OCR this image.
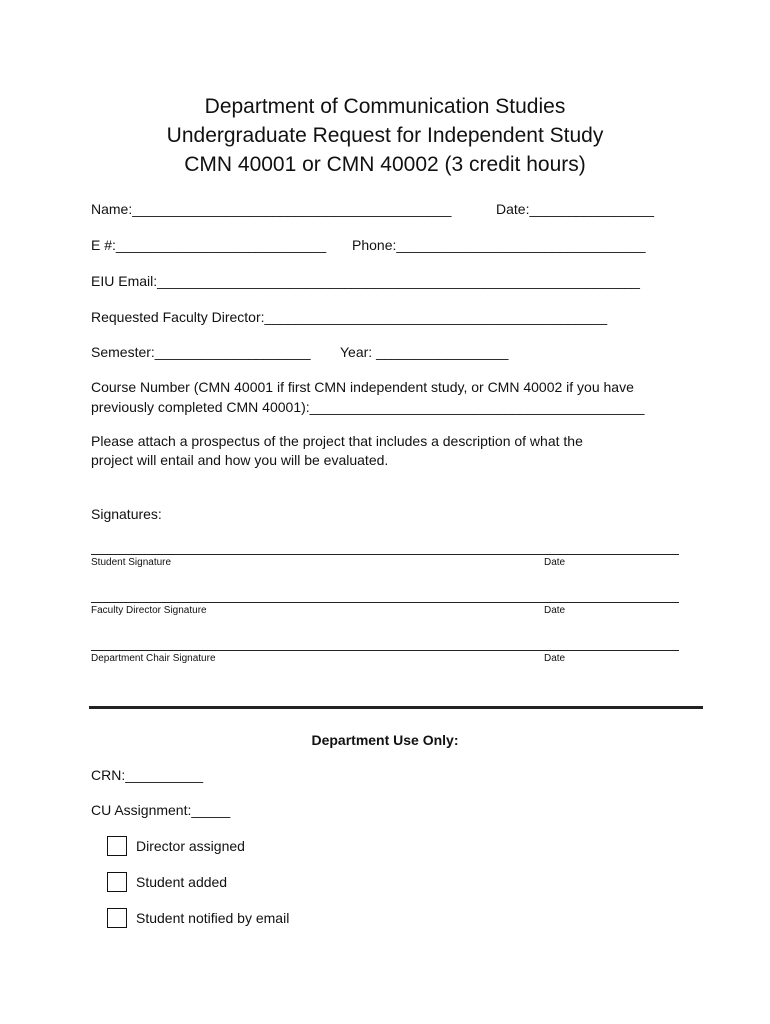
Department of Communication Studies
Undergraduate Request for Independent Study
CMN 40001 or CMN 40002 (3 credit hours)
Name:_________________________________________	Date:________________
E #:___________________________ Phone:________________________________
EIU Email:______________________________________________________________
Requested Faculty Director:____________________________________________
Semester:____________________ Year: _________________
Course Number (CMN 40001 if first CMN independent study, or CMN 40002 if you have
previously completed CMN 40001):___________________________________________
Please attach a prospectus of the project that includes a description of what the
project will entail and how you will be evaluated.
Signatures:
Student Signature	Date
Faculty Director Signature	Date
Department Chair Signature	Date
Department Use Only:
CRN:__________
CU Assignment:_____
Director assigned
Student added
Student notified by email
